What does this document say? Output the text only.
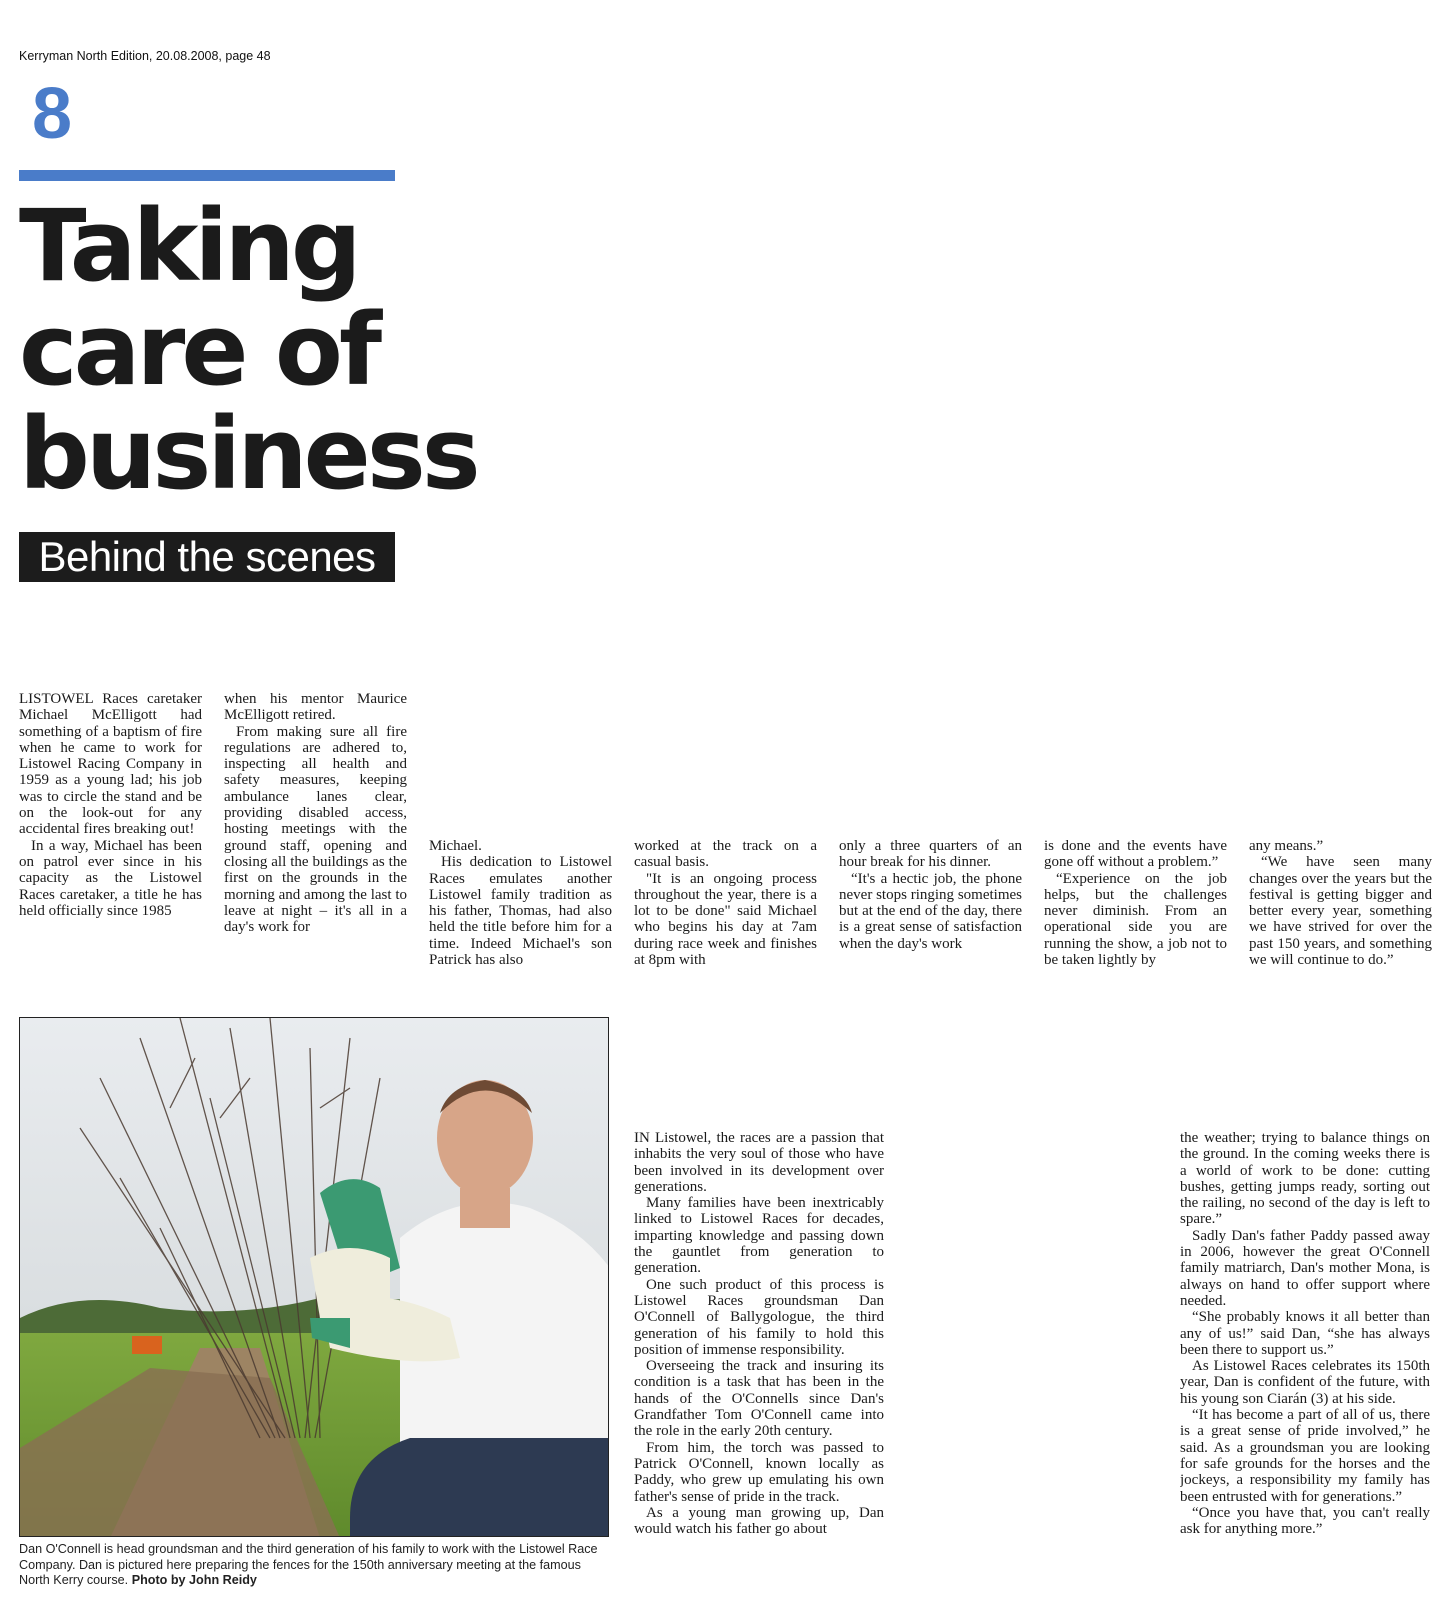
Kerryman North Edition, 20.08.2008, page 48
8
Taking
care of
business
Behind the scenes

LISTOWEL Races caretaker Michael McElligott had something of a baptism of fire when he came to work for Listowel Racing Company in 1959 as a young lad; his job was to circle the stand and be on the look-out for any accidental fires breaking out!

In a way, Michael has been on patrol ever since in his capacity as the Listowel Races caretaker, a title he has held officially since 1985

when his mentor Maurice McElligott retired.

From making sure all fire regulations are adhered to, inspecting all health and safety measures, keeping ambulance lanes clear, providing disabled access, hosting meetings with the ground staff, opening and closing all the buildings as the first on the grounds in the morning and among the last to leave at night – it's all in a day's work for

Michael.

His dedication to Listowel Races emulates another Listowel family tradition as his father, Thomas, had also held the title before him for a time. Indeed Michael's son Patrick has also

worked at the track on a casual basis.

"It is an ongoing process throughout the year, there is a lot to be done" said Michael who begins his day at 7am during race week and finishes at 8pm with

only a three quarters of an hour break for his dinner.

“It's a hectic job, the phone never stops ringing sometimes but at the end of the day, there is a great sense of satisfaction when the day's work

is done and the events have gone off without a problem.”

“Experience on the job helps, but the challenges never diminish. From an operational side you are running the show, a job not to be taken lightly by

any means.”

“We have seen many changes over the years but the festival is getting bigger and better every year, something we have strived for over the past 150 years, and something we will continue to do.”

Dan O'Connell is head groundsman and the third generation of his family to work with the Listowel Race Company. Dan is pictured here preparing the fences for the 150th anniversary meeting at the famous North Kerry course. Photo by John Reidy

IN Listowel, the races are a passion that inhabits the very soul of those who have been involved in its development over generations.

Many families have been inextricably linked to Listowel Races for decades, imparting knowledge and passing down the gauntlet from generation to generation.

One such product of this process is Listowel Races groundsman Dan O'Connell of Ballygologue, the third generation of his family to hold this position of immense responsibility.

Overseeing the track and insuring its condition is a task that has been in the hands of the O'Connells since Dan's Grandfather Tom O'Connell came into the role in the early 20th century.

From him, the torch was passed to Patrick O'Connell, known locally as Paddy, who grew up emulating his own father's sense of pride in the track.

As a young man growing up, Dan would watch his father go about

the weather; trying to balance things on the ground. In the coming weeks there is a world of work to be done: cutting bushes, getting jumps ready, sorting out the railing, no second of the day is left to spare.”

Sadly Dan's father Paddy passed away in 2006, however the great O'Connell family matriarch, Dan's mother Mona, is always on hand to offer support where needed.

“She probably knows it all better than any of us!” said Dan, “she has always been there to support us.”

As Listowel Races celebrates its 150th year, Dan is confident of the future, with his young son Ciarán (3) at his side.

“It has become a part of all of us, there is a great sense of pride involved,” he said. As a groundsman you are looking for safe grounds for the horses and the jockeys, a responsibility my family has been entrusted with for generations.”

“Once you have that, you can't really ask for anything more.”
